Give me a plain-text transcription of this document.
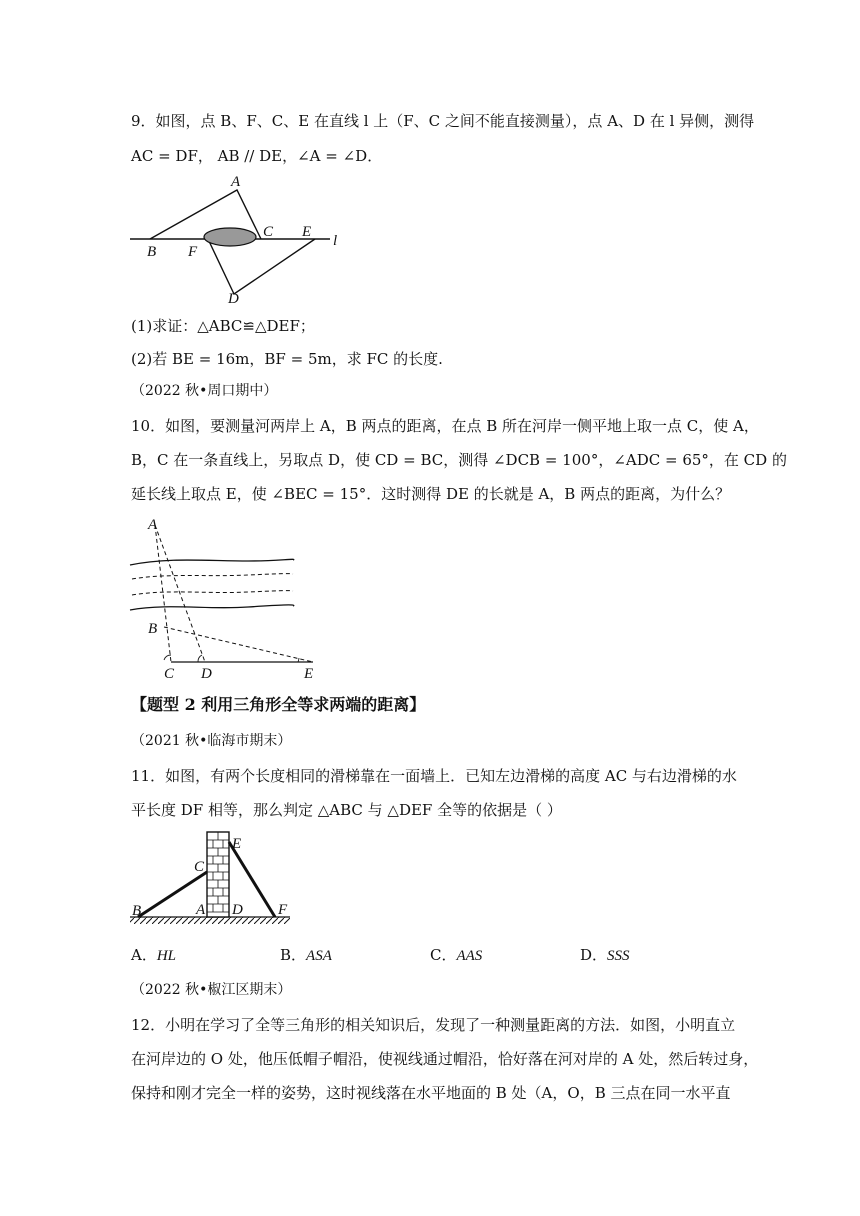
9．如图，点 B、F、C、E 在直线 l 上（F、C 之间不能直接测量），点 A、D 在 l 异侧，测得
AC = DF， AB // DE，∠A = ∠D．
A
B F
C E
l
D
(1)求证：△ABC≌△DEF；
(2)若 BE = 16m，BF = 5m，求 FC 的长度.
（2022 秋•周口期中）
10．如图，要测量河两岸上 A，B 两点的距离，在点 B 所在河岸一侧平地上取一点 C，使 A，
B，C 在一条直线上，另取点 D，使 CD = BC，测得 ∠DCB = 100°，∠ADC = 65°，在 CD 的
延长线上取点 E，使 ∠BEC = 15°．这时测得 DE 的长就是 A，B 两点的距离，为什么？
A
B
C D	E
【题型 2 利用三角形全等求两端的距离】
（2021 秋•临海市期末）
11．如图，有两个长度相同的滑梯靠在一面墙上．已知左边滑梯的高度 AC 与右边滑梯的水
平长度 DF 相等，那么判定 △ABC 与 △DEF 全等的依据是（ ）
B
C
A D
E
F
A．HL	B．ASA	C．AAS	D．SSS
（2022 秋•椒江区期末）
12．小明在学习了全等三角形的相关知识后，发现了一种测量距离的方法．如图，小明直立
在河岸边的 O 处，他压低帽子帽沿，使视线通过帽沿，恰好落在河对岸的 A 处，然后转过身，
保持和刚才完全一样的姿势，这时视线落在水平地面的 B 处（A，O，B 三点在同一水平直
